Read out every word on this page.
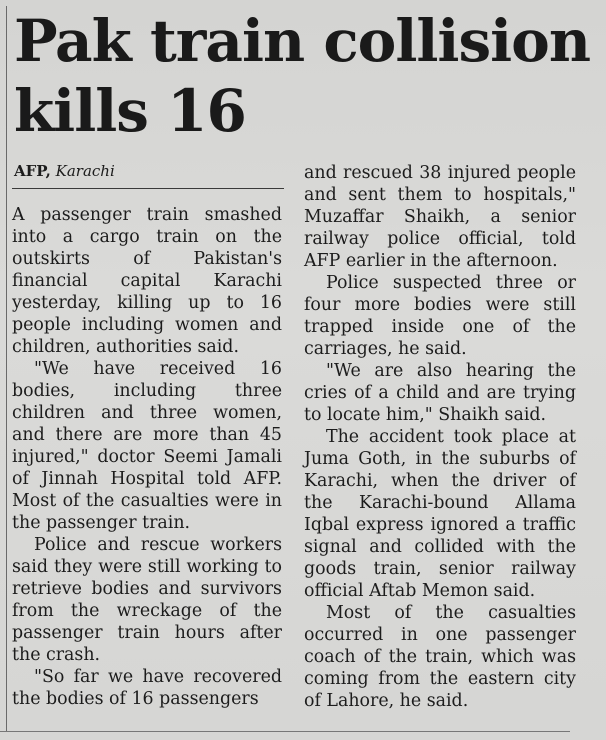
Pak train collision kills 16
AFP, Karachi

A passenger train smashed into a cargo train on the outskirts of Pakistan's financial capital Karachi yesterday, killing up to 16 people including women and children, authorities said.

"We have received 16 bodies, including three children and three women, and there are more than 45 injured," doctor Seemi Jamali of Jinnah Hospital told AFP. Most of the casualties were in the passenger train.

Police and rescue workers said they were still working to retrieve bodies and survivors from the wreckage of the passenger train hours after the crash.

"So far we have recovered the bodies of 16 passengers

and rescued 38 injured people and sent them to hospitals," Muzaffar Shaikh, a senior railway police official, told AFP earlier in the afternoon.

Police suspected three or four more bodies were still trapped inside one of the carriages, he said.

"We are also hearing the cries of a child and are trying to locate him," Shaikh said.

The accident took place at Juma Goth, in the suburbs of Karachi, when the driver of the Karachi-bound Allama Iqbal express ignored a traffic signal and collided with the goods train, senior railway official Aftab Memon said.

Most of the casualties occurred in one passenger coach of the train, which was coming from the eastern city of Lahore, he said.
